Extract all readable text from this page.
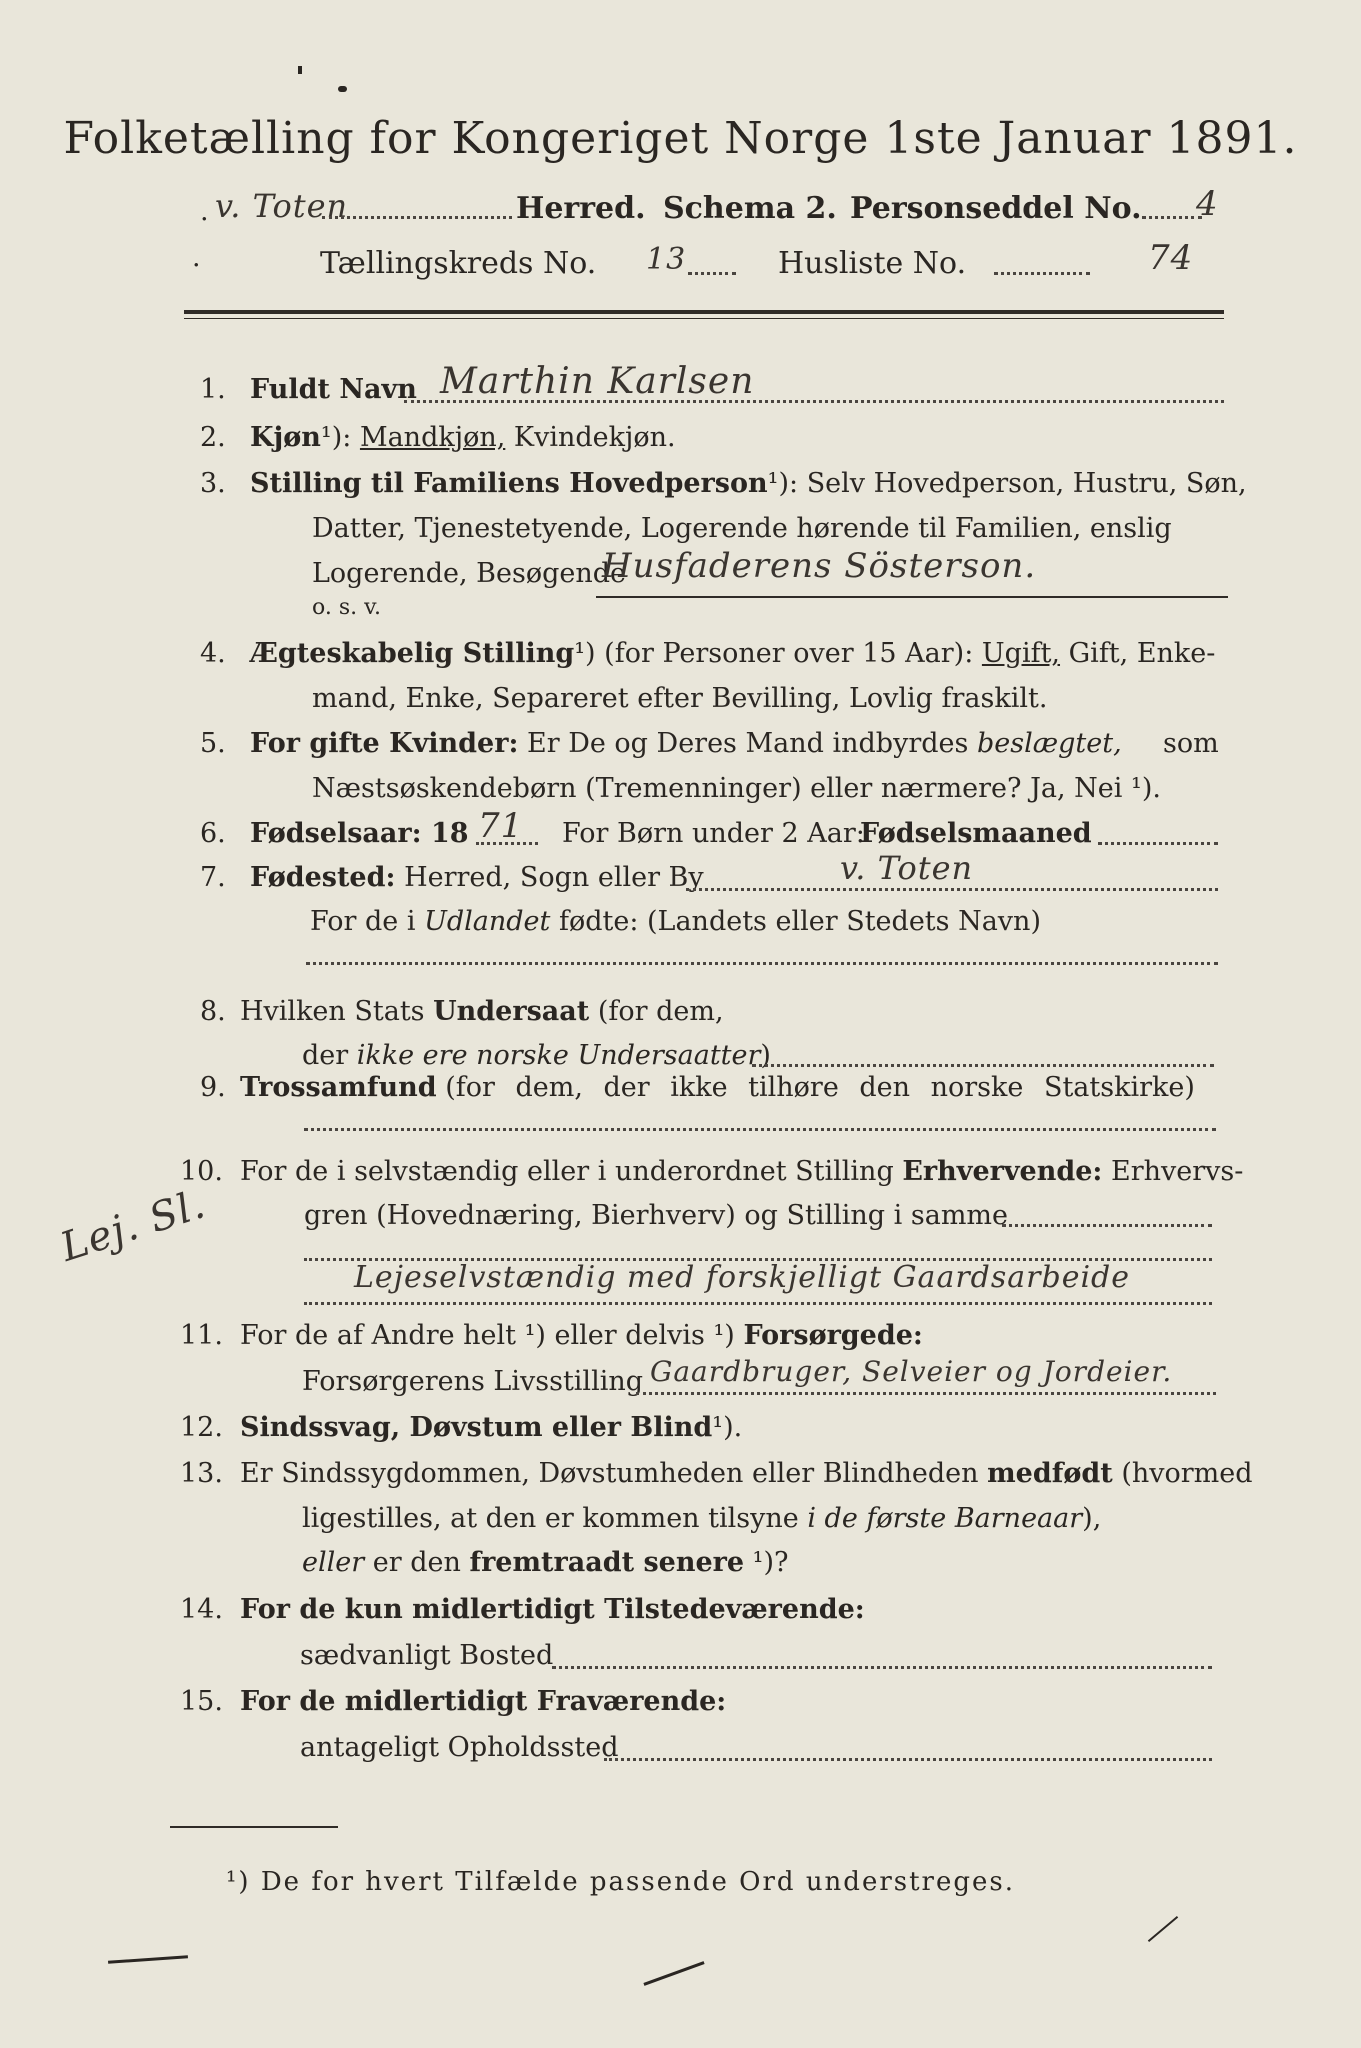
Folketælling for Kongeriget Norge 1ste Januar 1891.
. v. Toten	Herred. Schema 2. Personseddel No. 4
·	Tællingskreds No. 13	Husliste No.	74
1. Fuldt Navn Marthin Karlsen
2. Kjøn¹): Mandkjøn, Kvindekjøn.
3. Stilling til Familiens Hovedperson¹): Selv Hovedperson, Hustru, Søn,
Datter, Tjenestetyende, Logerende hørende til Familien, enslig
Logerende, Besøgende
Husfaderens Sösterson.
o. s. v.
4. Ægteskabelig Stilling¹) (for Personer over 15 Aar): Ugift, Gift, Enke-
mand, Enke, Separeret efter Bevilling, Lovlig fraskilt.
5. For gifte Kvinder: Er De og Deres Mand indbyrdes beslægtet, som
Næstsøskendebørn (Tremenninger) eller nærmere? Ja, Nei ¹).
6. Fødselsaar: 18 71 For Børn under 2 Aar:
Fødselsmaaned
7. Fødested: Herred, Sogn eller By	v. Toten
For de i Udlandet fødte: (Landets eller Stedets Navn)
8. Hvilken Stats Undersaat (for dem,
der ikke ere norske Undersaatter)
9. Trossamfund (for dem, der ikke tilhøre den norske Statskirke)
10. For de i selvstændig eller i underordnet Stilling Erhvervende: Erhvervs-
gren (Hovednæring, Bierhverv) og Stilling i samme
Lejeselvstændig med forskjelligt Gaardsarbeide
Lej. Sl.
11. For de af Andre helt ¹) eller delvis ¹) Forsørgede:
Forsørgerens Livsstilling Gaardbruger, Selveier og Jordeier.
12. Sindssvag, Døvstum eller Blind¹).
13. Er Sindssygdommen, Døvstumheden eller Blindheden medfødt (hvormed
ligestilles, at den er kommen tilsyne i de første Barneaar),
eller er den fremtraadt senere ¹)?
14. For de kun midlertidigt Tilstedeværende:
sædvanligt Bosted
15. For de midlertidigt Fraværende:
antageligt Opholdssted
¹) De for hvert Tilfælde passende Ord understreges.
